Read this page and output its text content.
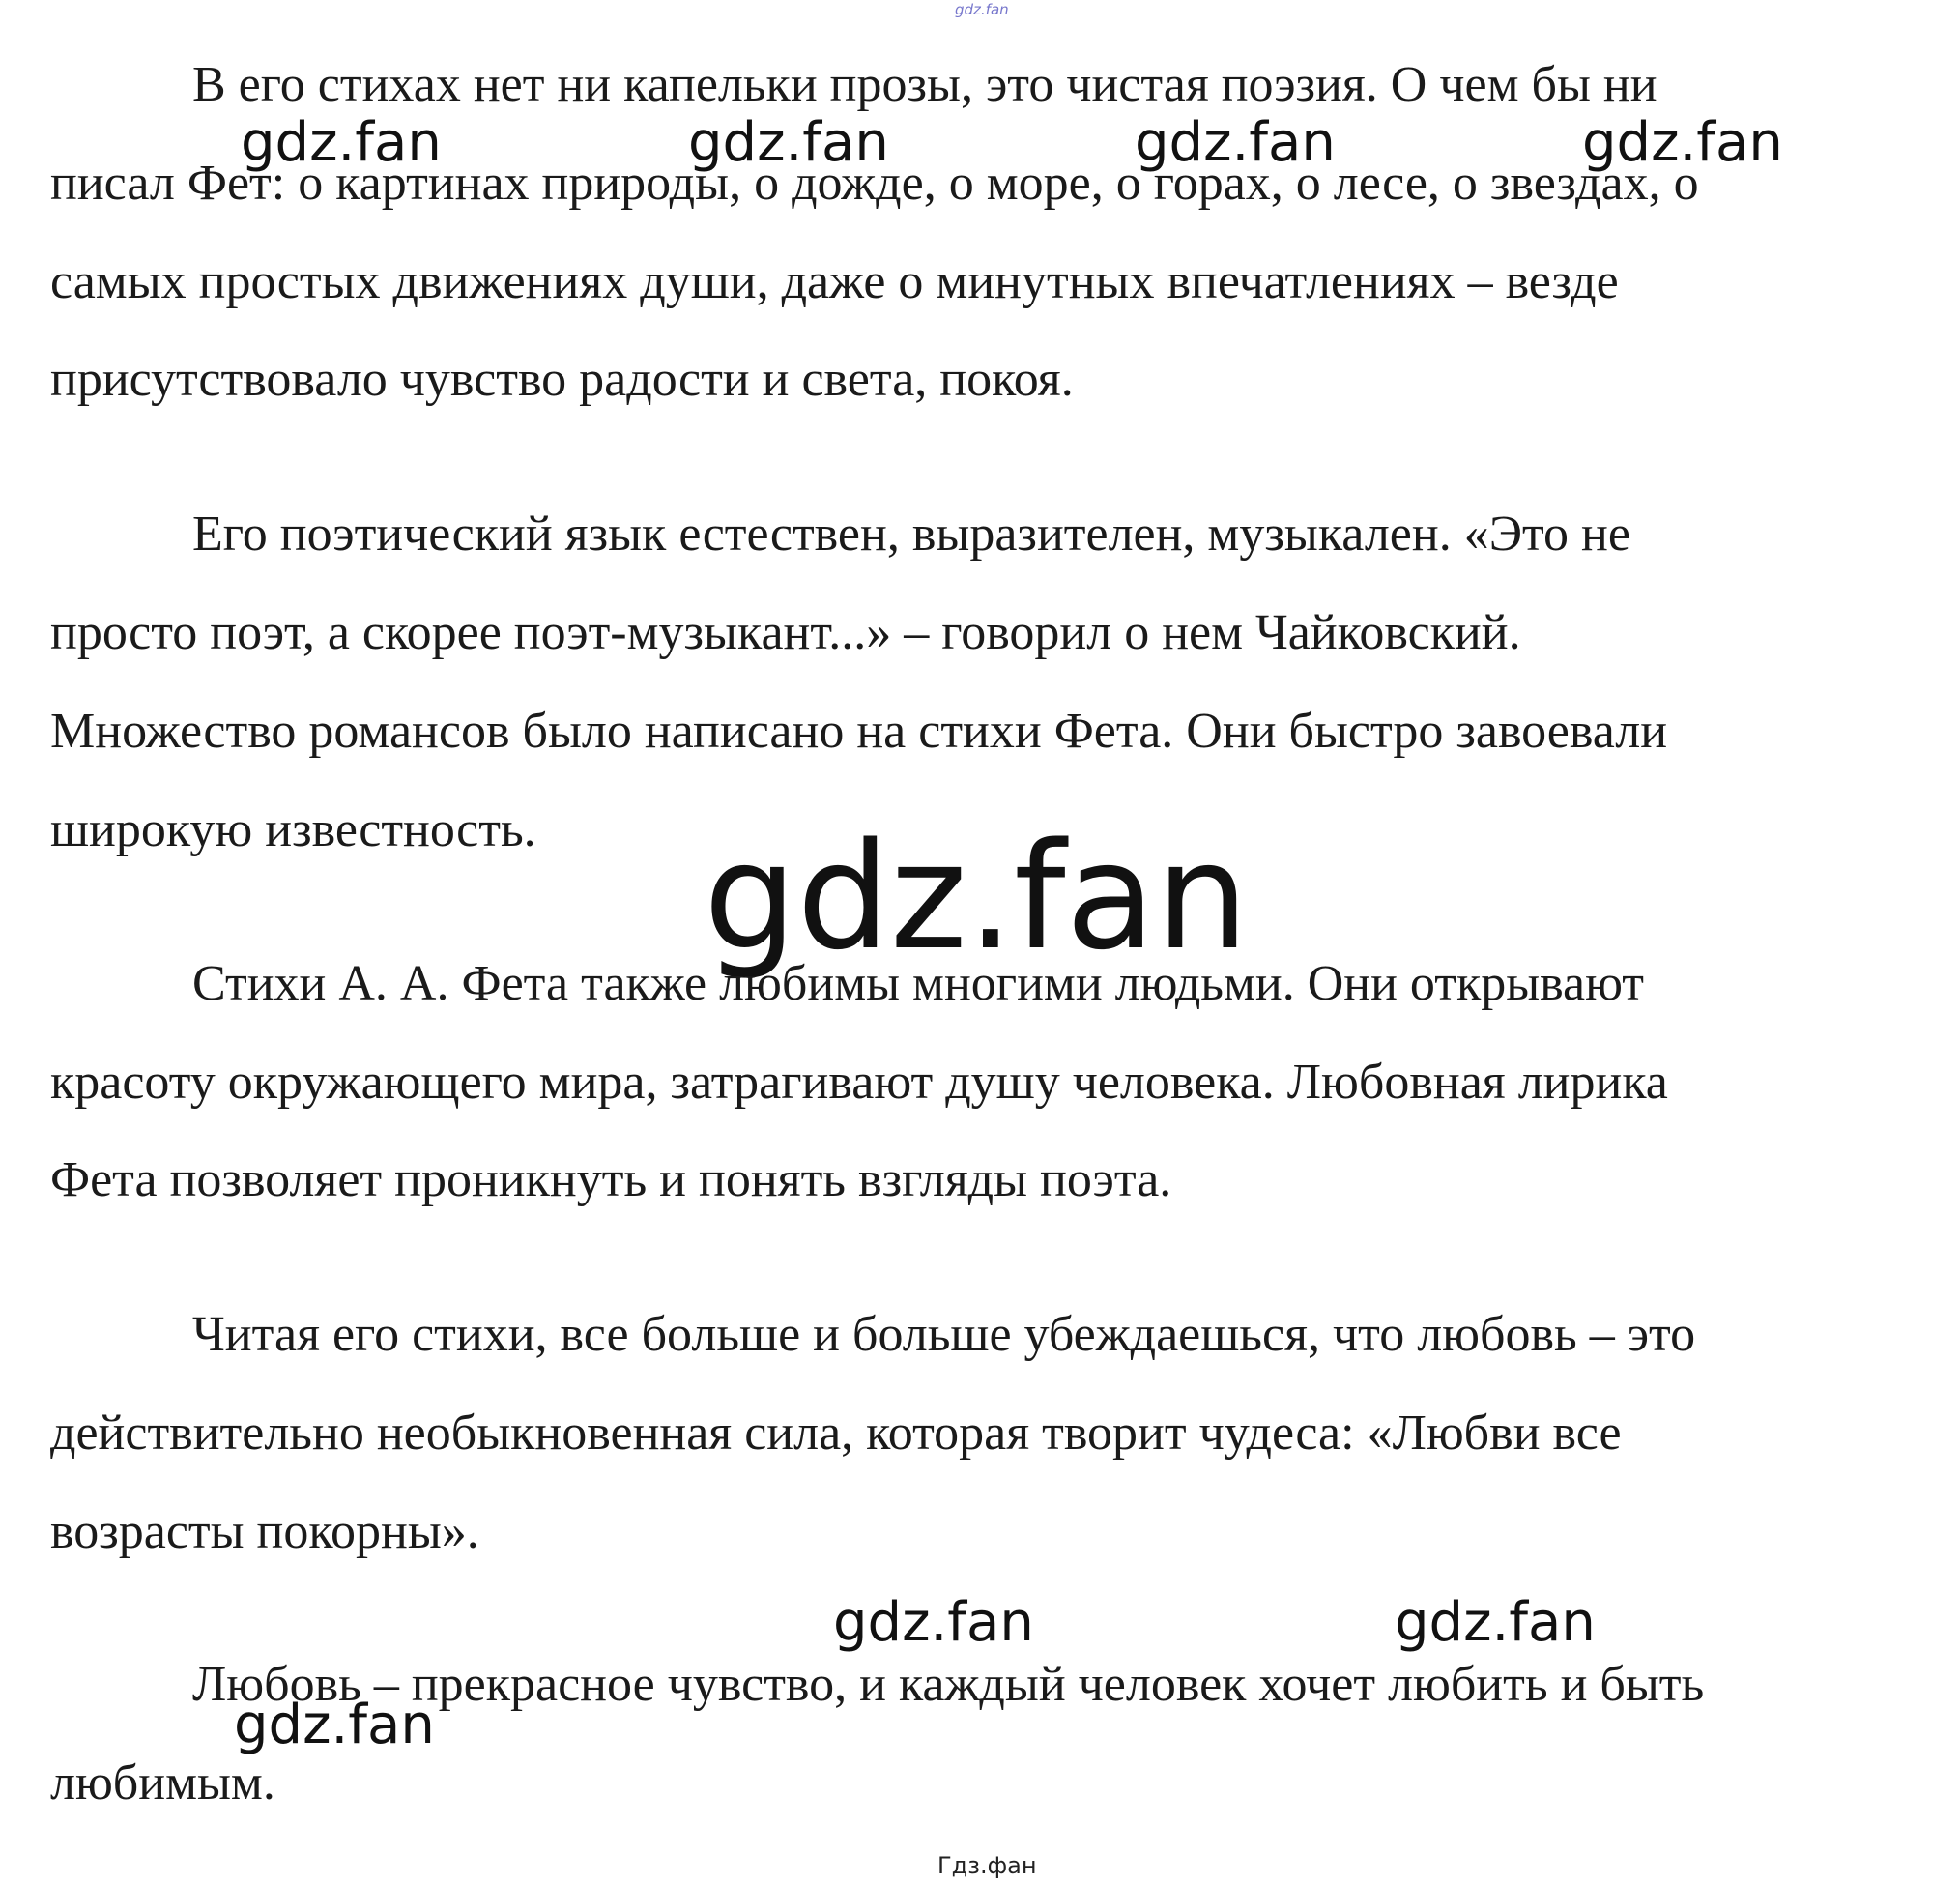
gdz.fan

В его стихах нет ни капельки прозы, это чистая поэзия. О чем бы ни

писал Фет: о картинах природы, о дожде, о море, о горах, о лесе, о звездах, о

самых простых движениях души, даже о минутных впечатлениях – везде

присутствовало чувство радости и света, покоя.

gdz.fan	gdz.fan	gdz.fan	gdz.fan

Его поэтический язык естествен, выразителен, музыкален. «Это не

просто поэт, а скорее поэт-музыкант...» – говорил о нем Чайковский.

Множество романсов было написано на стихи Фета. Они быстро завоевали

широкую известность. gdz.fan

Стихи А. А. Фета также любимы многими людьми. Они открывают

красоту окружающего мира, затрагивают душу человека. Любовная лирика

Фета позволяет проникнуть и понять взгляды поэта.

Читая его стихи, все больше и больше убеждаешься, что любовь – это

действительно необыкновенная сила, которая творит чудеса: «Любви все

возрасты покорны».

gdz.fan	gdz.fan

Любовь – прекрасное чувство, и каждый человек хочет любить и быть

любимым.

gdz.fan
Гдз.фан
